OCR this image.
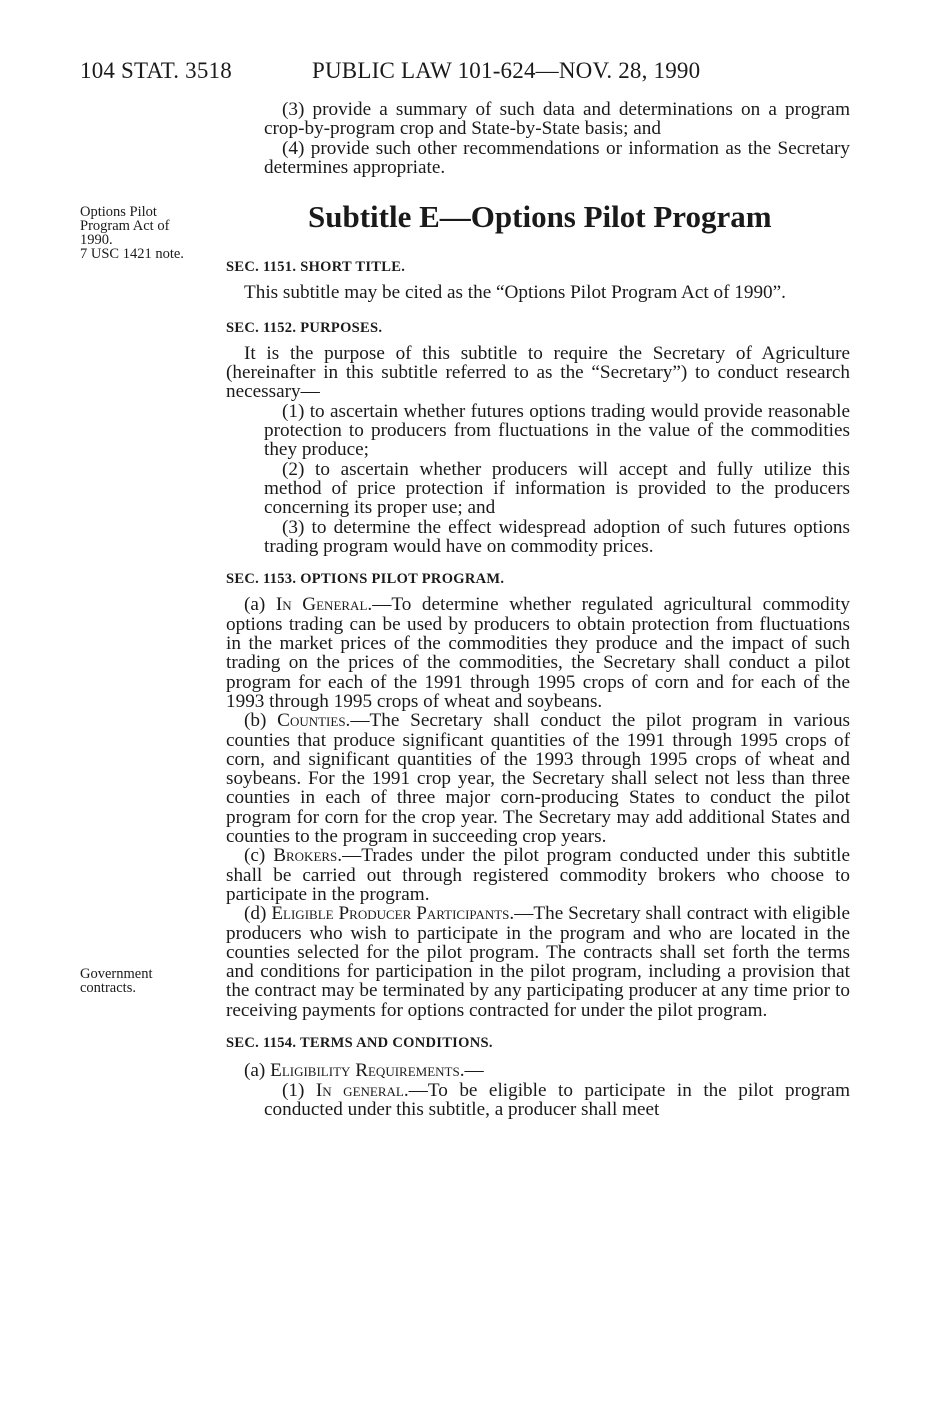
104 STAT. 3518	PUBLIC LAW 101-624—NOV. 28, 1990
Options Pilot
Program Act of
1990.
7 USC 1421 note.
Government
contracts.

(3) provide a summary of such data and determinations on a program crop-by-program crop and State-by-State basis; and

(4) provide such other recommendations or information as the Secretary determines appropriate.

Subtitle E—Options Pilot Program
SEC. 1151. SHORT TITLE.

This subtitle may be cited as the “Options Pilot Program Act of 1990”.

SEC. 1152. PURPOSES.

It is the purpose of this subtitle to require the Secretary of Agriculture (hereinafter in this subtitle referred to as the “Secretary”) to conduct research necessary—

(1) to ascertain whether futures options trading would provide reasonable protection to producers from fluctuations in the value of the commodities they produce;

(2) to ascertain whether producers will accept and fully utilize this method of price protection if information is provided to the producers concerning its proper use; and

(3) to determine the effect widespread adoption of such futures options trading program would have on commodity prices.

SEC. 1153. OPTIONS PILOT PROGRAM.

(a) In General.—To determine whether regulated agricultural commodity options trading can be used by producers to obtain protection from fluctuations in the market prices of the commodities they produce and the impact of such trading on the prices of the commodities, the Secretary shall conduct a pilot program for each of the 1991 through 1995 crops of corn and for each of the 1993 through 1995 crops of wheat and soybeans.

(b) Counties.—The Secretary shall conduct the pilot program in various counties that produce significant quantities of the 1991 through 1995 crops of corn, and significant quantities of the 1993 through 1995 crops of wheat and soybeans. For the 1991 crop year, the Secretary shall select not less than three counties in each of three major corn-producing States to conduct the pilot program for corn for the crop year. The Secretary may add additional States and counties to the program in succeeding crop years.

(c) Brokers.—Trades under the pilot program conducted under this subtitle shall be carried out through registered commodity brokers who choose to participate in the program.

(d) Eligible Producer Participants.—The Secretary shall contract with eligible producers who wish to participate in the program and who are located in the counties selected for the pilot program. The contracts shall set forth the terms and conditions for participation in the pilot program, including a provision that the contract may be terminated by any participating producer at any time prior to receiving payments for options contracted for under the pilot program.

SEC. 1154. TERMS AND CONDITIONS.

(a) Eligibility Requirements.—

(1) In general.—To be eligible to participate in the pilot program conducted under this subtitle, a producer shall meet
